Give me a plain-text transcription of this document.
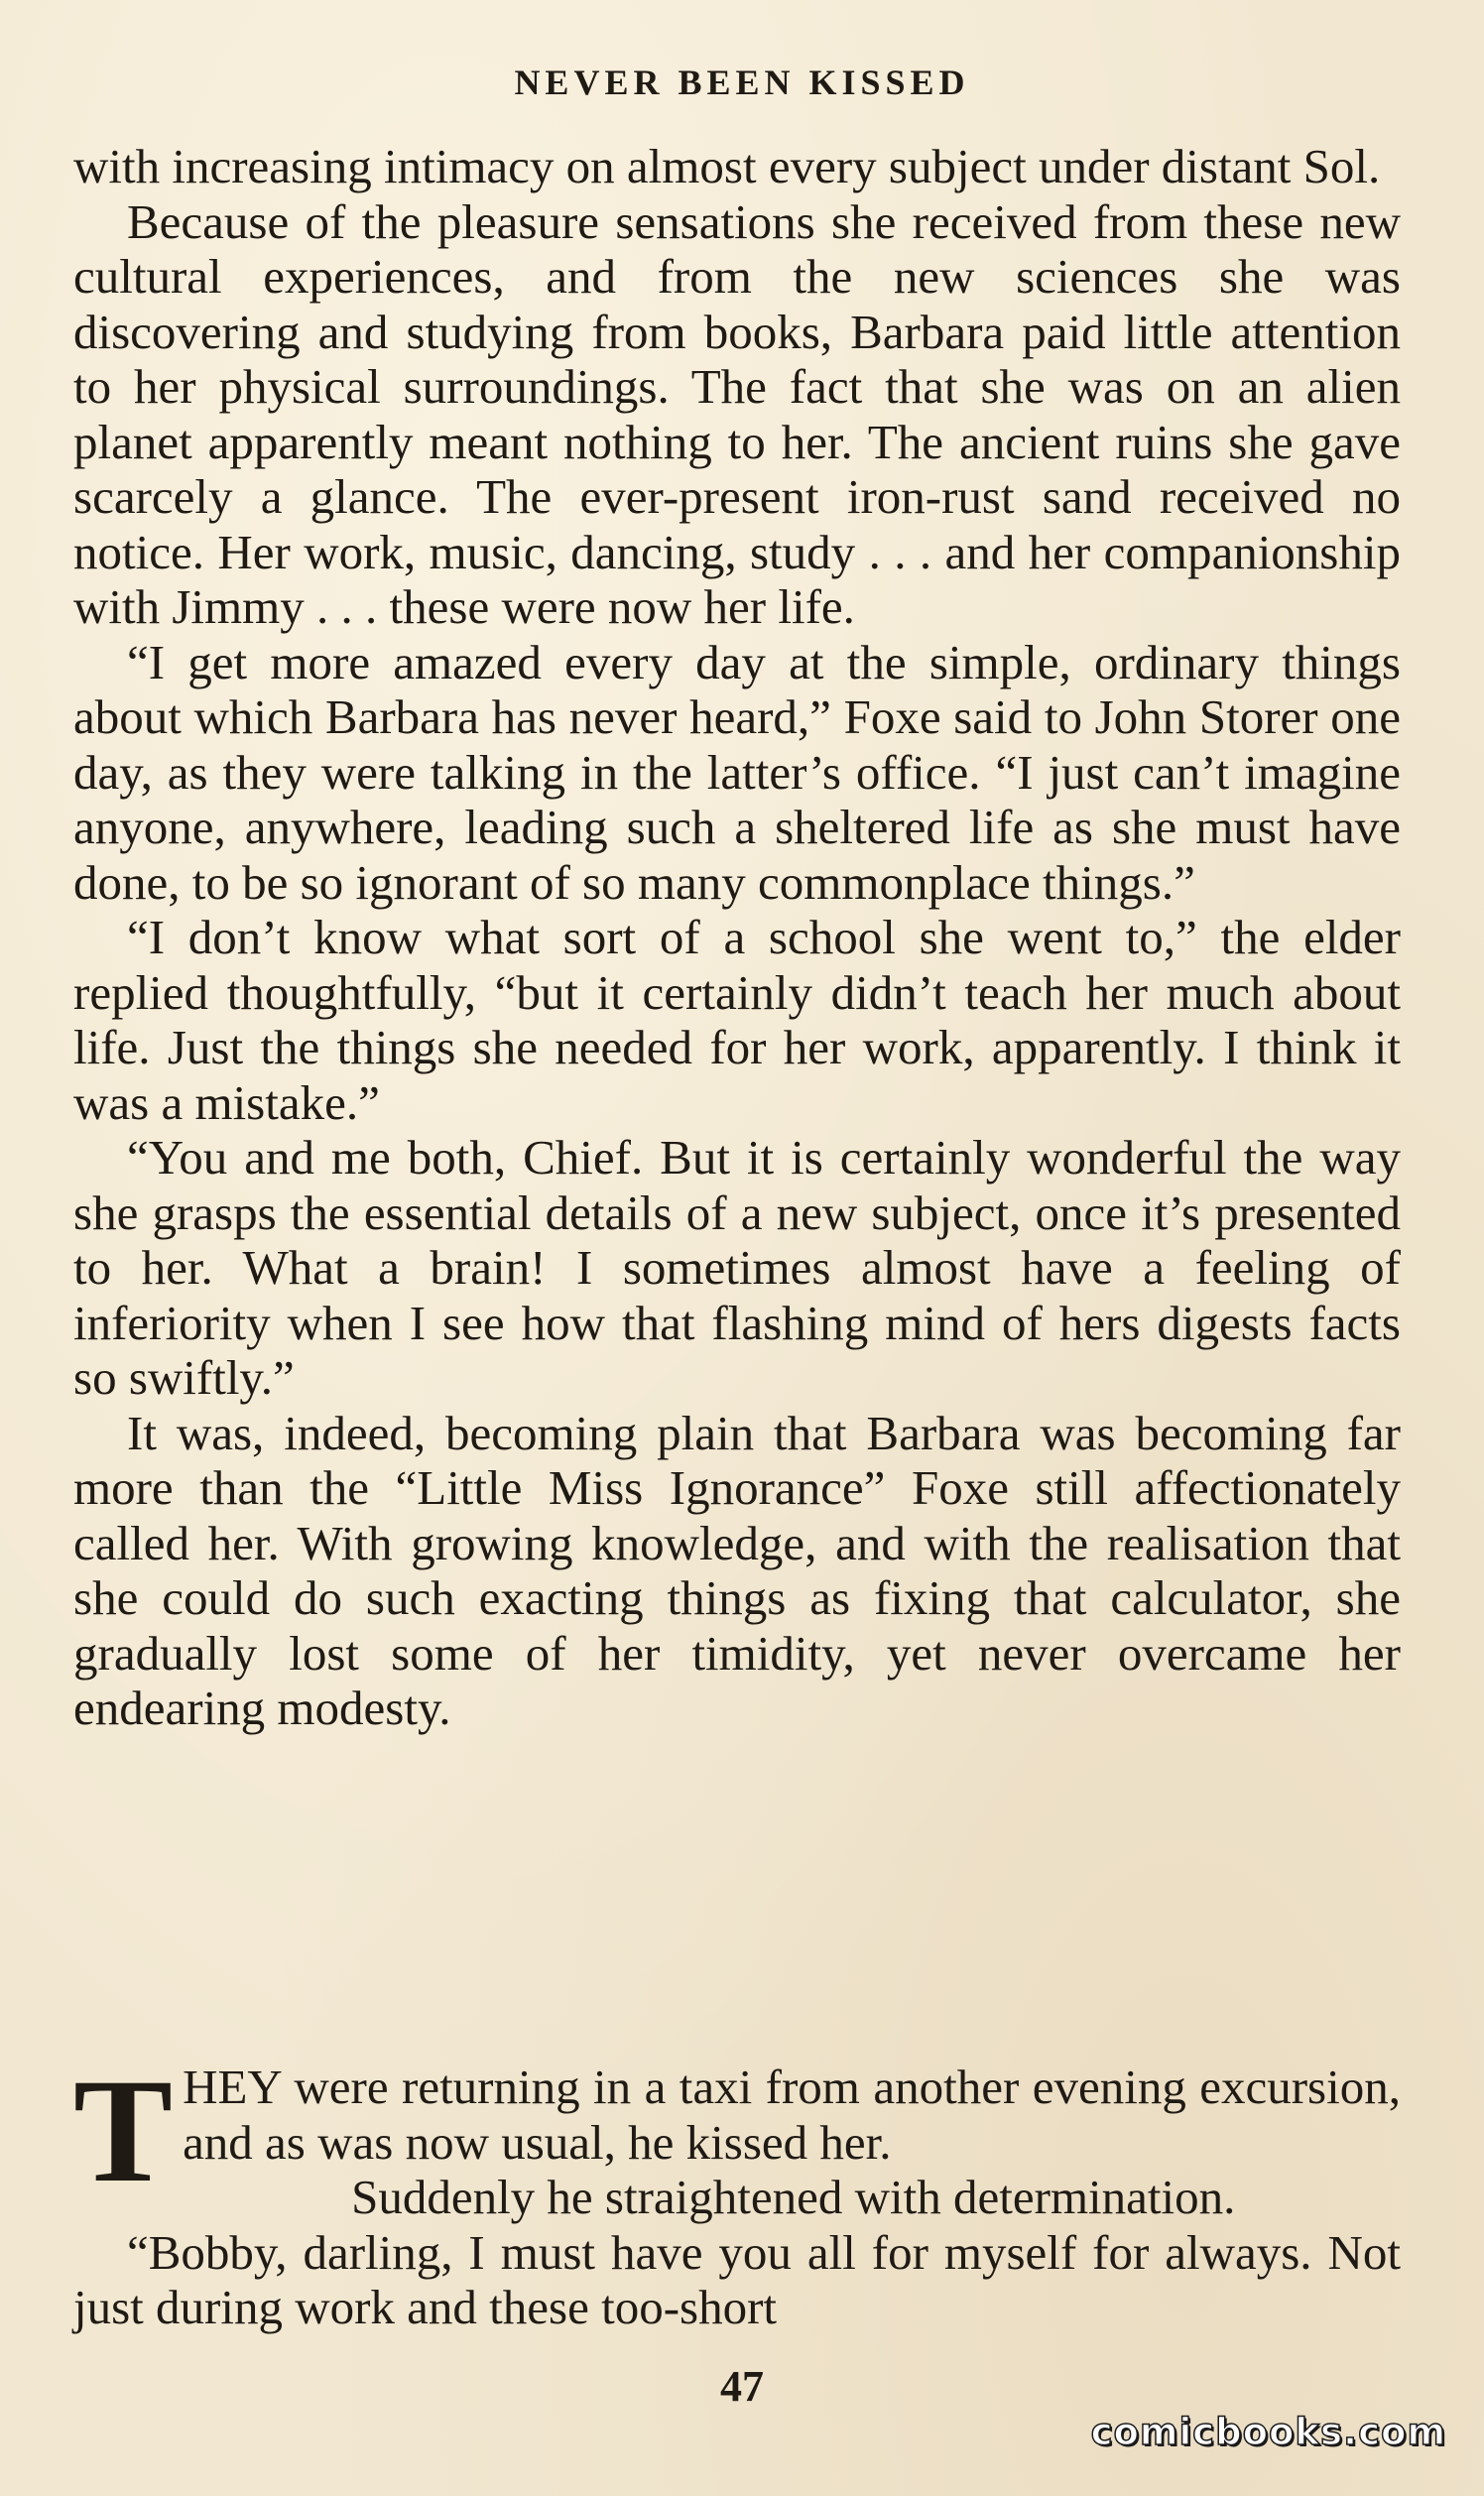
NEVER BEEN KISSED

with increasing intimacy on almost every subject under distant Sol.

Because of the pleasure sensations she received from these new cultural experiences, and from the new sciences she was discovering and studying from books, Barbara paid little attention to her physical surroundings. The fact that she was on an alien planet apparently meant nothing to her. The ancient ruins she gave scarcely a glance. The ever-present iron-rust sand received no notice. Her work, music, dancing, study . . . and her companionship with Jimmy . . . these were now her life.

“I get more amazed every day at the simple, ordinary things about which Barbara has never heard,” Foxe said to John Storer one day, as they were talking in the latter’s office. “I just can’t imagine anyone, anywhere, leading such a sheltered life as she must have done, to be so ignorant of so many commonplace things.”

“I don’t know what sort of a school she went to,” the elder replied thoughtfully, “but it certainly didn’t teach her much about life. Just the things she needed for her work, apparently. I think it was a mistake.”

“You and me both, Chief. But it is certainly wonderful the way she grasps the essential details of a new subject, once it’s presented to her. What a brain! I sometimes almost have a feeling of inferiority when I see how that flashing mind of hers digests facts so swiftly.”

It was, indeed, becoming plain that Barbara was becoming far more than the “Little Miss Ignorance” Foxe still affectionately called her. With growing knowledge, and with the realisation that she could do such exacting things as fixing that calculator, she gradually lost some of her timidity, yet never overcame her endearing modesty.

THEY were returning in a taxi from another evening excursion, and as was now usual, he kissed her.

Suddenly he straightened with determination.

“Bobby, darling, I must have you all for myself for always. Not just during work and these too-short

47
comicbooks.com
